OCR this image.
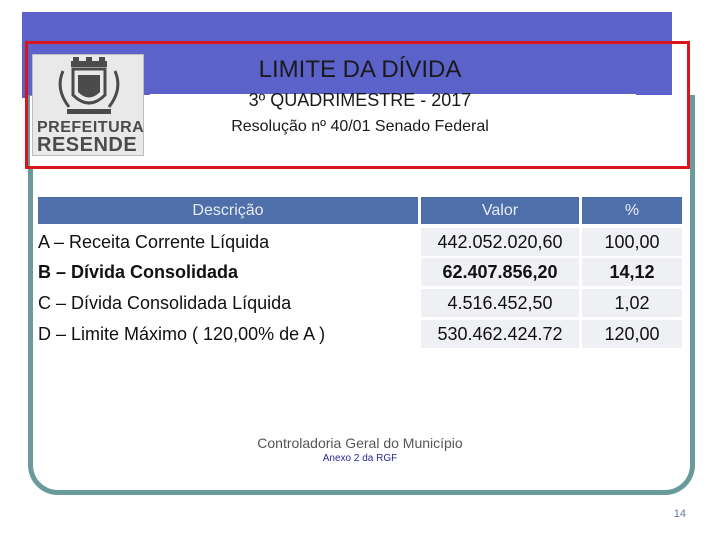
PREFEITURA
RESENDE
LIMITE DA DÍVIDA
3º QUADRIMESTRE - 2017
Resolução nº 40/01 Senado Federal
Descrição	Valor	%
A – Receita Corrente Líquida	442.052.020,60	100,00
B – Dívida Consolidada	62.407.856,20	14,12
C – Dívida Consolidada Líquida	4.516.452,50	1,02
D – Limite Máximo ( 120,00% de A )	530.462.424.72	120,00
Controladoria Geral do Município
Anexo 2 da RGF
14
